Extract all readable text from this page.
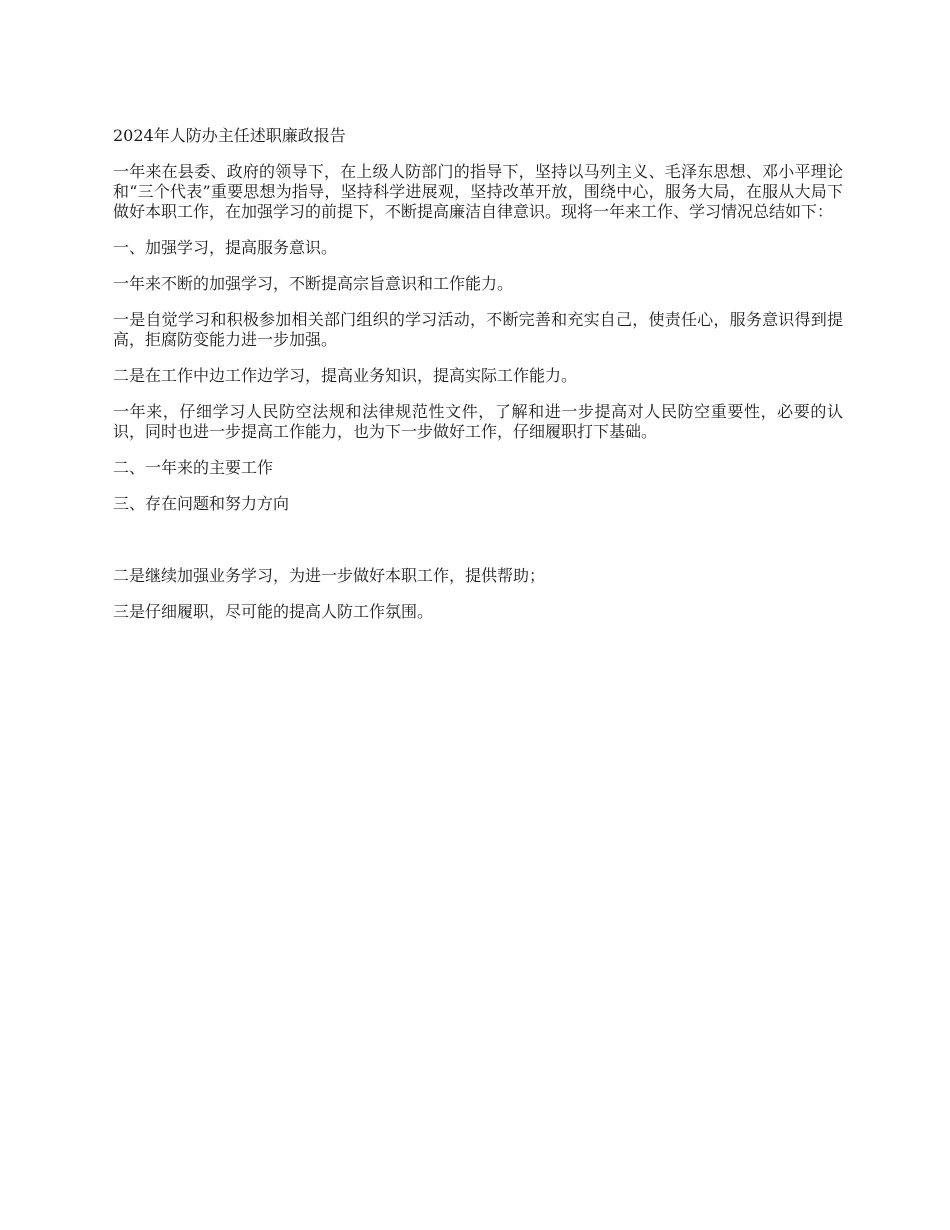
2024年人防办主任述职廉政报告

一年来在县委、政府的领导下，在上级人防部门的指导下，坚持以马列主义、毛泽东思想、邓小平理论和“三个代表”重要思想为指导，坚持科学进展观，坚持改革开放，围绕中心，服务大局，在服从大局下做好本职工作，在加强学习的前提下，不断提高廉洁自律意识。现将一年来工作、学习情况总结如下：

一、加强学习，提高服务意识。

一年来不断的加强学习，不断提高宗旨意识和工作能力。

一是自觉学习和积极参加相关部门组织的学习活动，不断完善和充实自己，使责任心，服务意识得到提高，拒腐防变能力进一步加强。

二是在工作中边工作边学习，提高业务知识，提高实际工作能力。

一年来，仔细学习人民防空法规和法律规范性文件，了解和进一步提高对人民防空重要性，必要的认识，同时也进一步提高工作能力，也为下一步做好工作，仔细履职打下基础。

二、一年来的主要工作

三、存在问题和努力方向

二是继续加强业务学习，为进一步做好本职工作，提供帮助；

三是仔细履职，尽可能的提高人防工作氛围。
